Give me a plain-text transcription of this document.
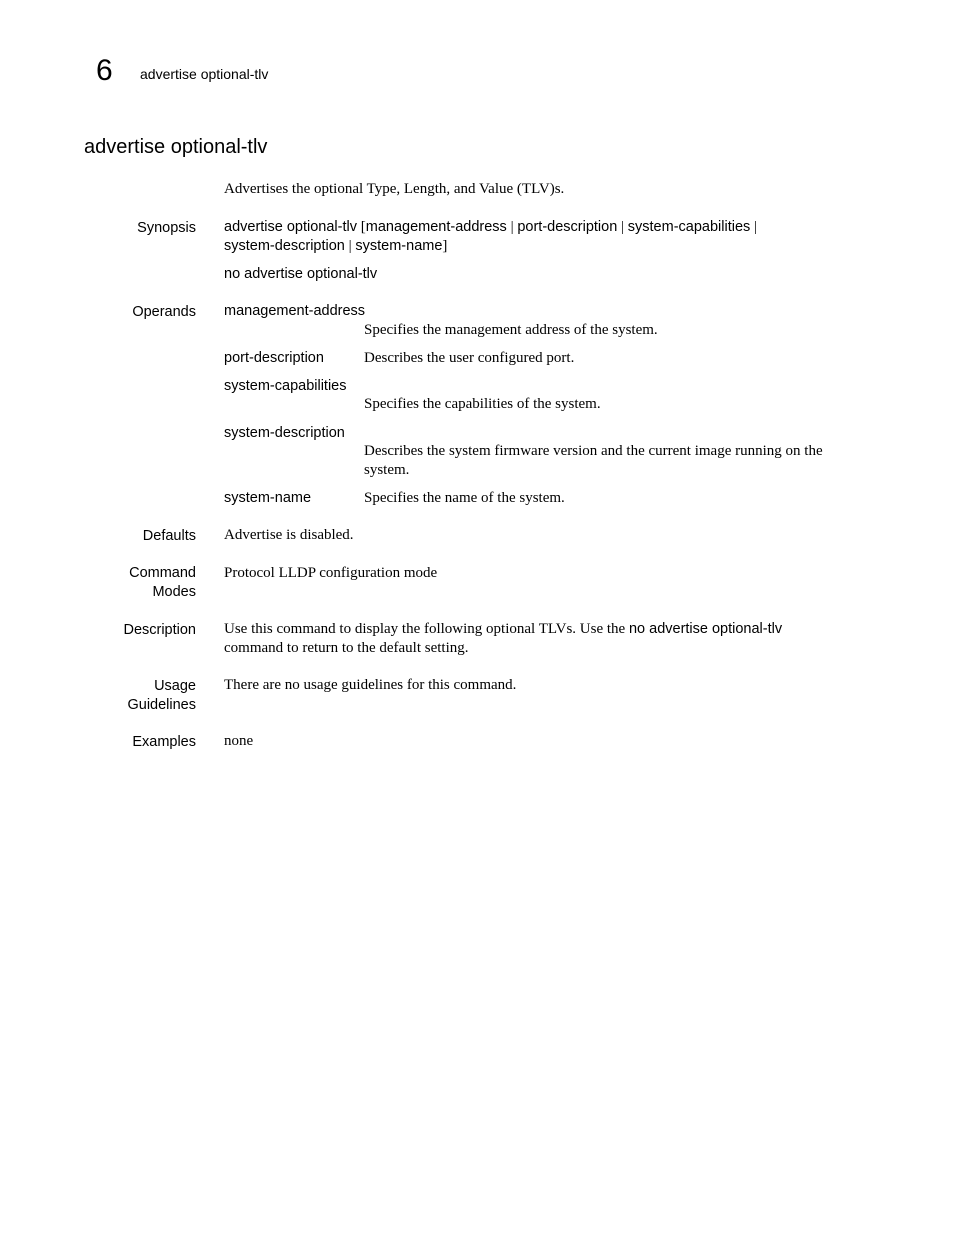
6 advertise optional-tlv
advertise optional-tlv
Advertises the optional Type, Length, and Value (TLV)s.
Synopsis advertise optional-tlv [management-address | port-description | system-capabilities |
system-description | system-name]
no advertise optional-tlv
Operands management-address
Specifies the management address of the system.
port-description	Describes the user configured port.
system-capabilities
Specifies the capabilities of the system.
system-description
Describes the system firmware version and the current image running on the
system.
system-name	Specifies the name of the system.
Defaults Advertise is disabled.
Command
Modes
Protocol LLDP configuration mode
Description Use this command to display the following optional TLVs. Use the no advertise optional-tlv
command to return to the default setting.
Usage
Guidelines
There are no usage guidelines for this command.
Examples none
